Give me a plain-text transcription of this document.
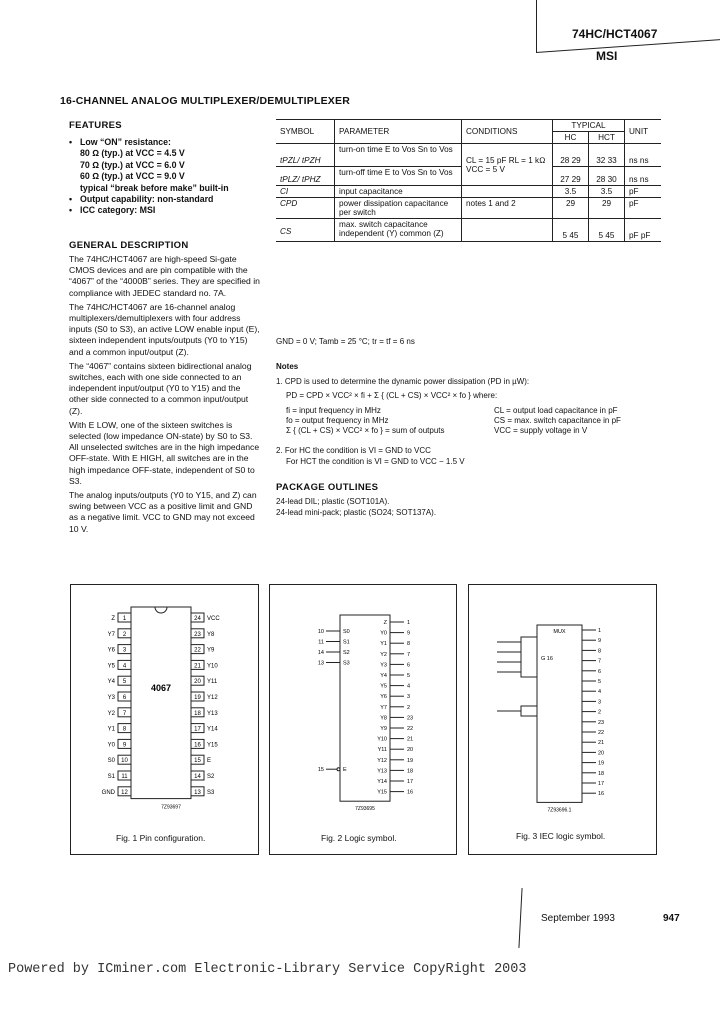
74HC/HCT4067
MSI
16-CHANNEL ANALOG MULTIPLEXER/DEMULTIPLEXER
FEATURES
• Low “ON” resistance:
80 Ω (typ.) at VCC = 4.5 V
70 Ω (typ.) at VCC = 6.0 V
60 Ω (typ.) at VCC = 9.0 V
typical “break before make” built-in
• Output capability: non-standard
• ICC category: MSI
GENERAL DESCRIPTION

The 74HC/HCT4067 are high-speed Si-gate CMOS devices and are pin compatible with the “4067” of the “4000B” series. They are specified in compliance with JEDEC standard no. 7A.

The 74HC/HCT4067 are 16-channel analog multiplexers/demultiplexers with four address inputs (S0 to S3), an active LOW enable input (E), sixteen independent inputs/outputs (Y0 to Y15) and a common input/output (Z).

The “4067” contains sixteen bidirectional analog switches, each with one side connected to an independent input/output (Y0 to Y15) and the other side connected to a common input/output (Z).

With E LOW, one of the sixteen switches is selected (low impedance ON-state) by S0 to S3. All unselected switches are in the high impedance OFF-state. With E HIGH, all switches are in the high impedance OFF-state, independent of S0 to S3.

The analog inputs/outputs (Y0 to Y15, and Z) can swing between VCC as a positive limit and GND as a negative limit. VCC to GND may not exceed 10 V.

SYMBOL	PARAMETER	CONDITIONS	TYPICAL		UNIT
			HC	HCT	
tPZL/ tPZH	turn-on time E to Vos Sn to Vos	CL = 15 pF RL = 1 kΩ VCC = 5 V	28 29	32 33	ns ns
tPLZ/ tPHZ	turn-off time E to Vos Sn to Vos		27 29	28 30	ns ns
CI	input capacitance		3.5	3.5	pF
CPD	power dissipation capacitance per switch	notes 1 and 2	29	29	pF
CS	max. switch capacitance independent (Y) common (Z)		5 45	5 45	pF pF
GND = 0 V; Tamb = 25 °C; tr = tf = 6 ns
Notes
1. CPD is used to determine the dynamic power dissipation (PD in µW):
PD = CPD × VCC² × fi + Σ { (CL + CS) × VCC² × fo } where:
fi = input frequency in MHz
fo = output frequency in MHz
Σ { (CL + CS) × VCC² × fo } = sum of outputs
CL = output load capacitance in pF
CS = max. switch capacitance in pF
VCC = supply voltage in V
2. For HC the condition is VI = GND to VCC
For HCT the condition is VI = GND to VCC − 1.5 V
PACKAGE OUTLINES
24-lead DIL; plastic (SOT101A).
24-lead mini-pack; plastic (SO24; SOT137A).
4067
1
Z
2
Y7
3
Y6
4
Y5
5
Y4
6
Y3
7
Y2
8
Y1
9
Y0
10
S0
11
S1
12
GND
24 VCC
23 Y8
22 Y9
21 Y10
20 Y11
19 Y12
18 Y13
17 Y14
16 Y15
15 E
14 S2
13 S3
7Z93697
Fig. 1 Pin configuration.
10	S0
11	S1
14	S2
13	S3
15	E
Z	1
Y0	9
Y1	8
Y2	7
Y3	6
Y4	5
Y5	4
Y6	3
Y7	2
Y8	23
Y9	22
Y10	21
Y11	20
Y12	19
Y13	18
Y14	17
Y15	16
7Z93695
Fig. 2 Logic symbol.
MUX
G 16
1
9
8
7
6
5
4
3
2
23
22
21
20
19
18
17
16
7Z93696.1
Fig. 3 IEC logic symbol.
September 1993	947
Powered by ICminer.com Electronic-Library Service CopyRight 2003
